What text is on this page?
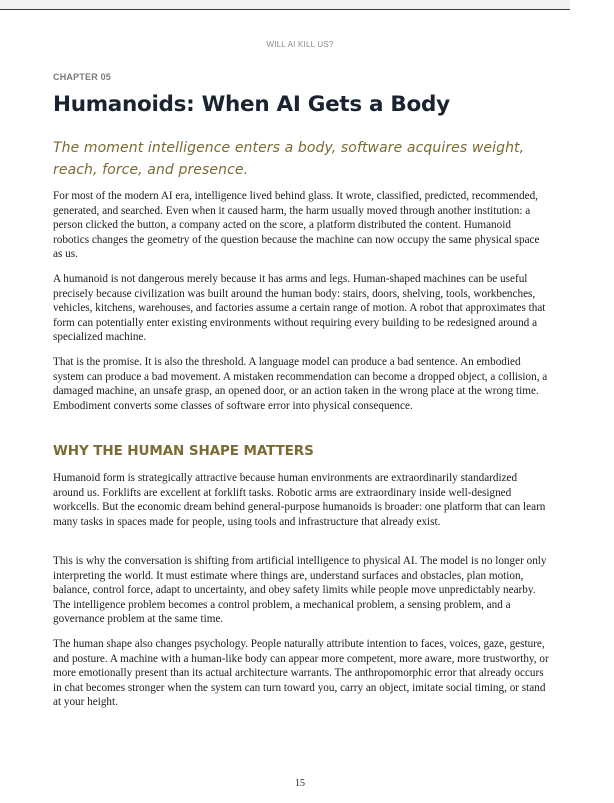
WILL AI KILL US?
CHAPTER 05
Humanoids: When AI Gets a Body

The moment intelligence enters a body, software acquires weight, reach, force, and presence.

For most of the modern AI era, intelligence lived behind glass. It wrote, classified, predicted, recommended, generated, and searched. Even when it caused harm, the harm usually moved through another institution: a person clicked the button, a company acted on the score, a platform distributed the content. Humanoid robotics changes the geometry of the question because the machine can now occupy the same physical space as us.

A humanoid is not dangerous merely because it has arms and legs. Human-shaped machines can be useful precisely because civilization was built around the human body: stairs, doors, shelving, tools, workbenches, vehicles, kitchens, warehouses, and factories assume a certain range of motion. A robot that approximates that form can potentially enter existing environments without requiring every building to be redesigned around a specialized machine.

That is the promise. It is also the threshold. A language model can produce a bad sentence. An embodied system can produce a bad movement. A mistaken recommendation can become a dropped object, a collision, a damaged machine, an unsafe grasp, an opened door, or an action taken in the wrong place at the wrong time. Embodiment converts some classes of software error into physical consequence.

WHY THE HUMAN SHAPE MATTERS

Humanoid form is strategically attractive because human environments are extraordinarily standardized around us. Forklifts are excellent at forklift tasks. Robotic arms are extraordinary inside well-designed workcells. But the economic dream behind general-purpose humanoids is broader: one platform that can learn many tasks in spaces made for people, using tools and infrastructure that already exist.

This is why the conversation is shifting from artificial intelligence to physical AI. The model is no longer only interpreting the world. It must estimate where things are, understand surfaces and obstacles, plan motion, balance, control force, adapt to uncertainty, and obey safety limits while people move unpredictably nearby. The intelligence problem becomes a control problem, a mechanical problem, a sensing problem, and a governance problem at the same time.

The human shape also changes psychology. People naturally attribute intention to faces, voices, gaze, gesture, and posture. A machine with a human-like body can appear more competent, more aware, more trustworthy, or more emotionally present than its actual architecture warrants. The anthropomorphic error that already occurs in chat becomes stronger when the system can turn toward you, carry an object, imitate social timing, or stand at your height.

15
